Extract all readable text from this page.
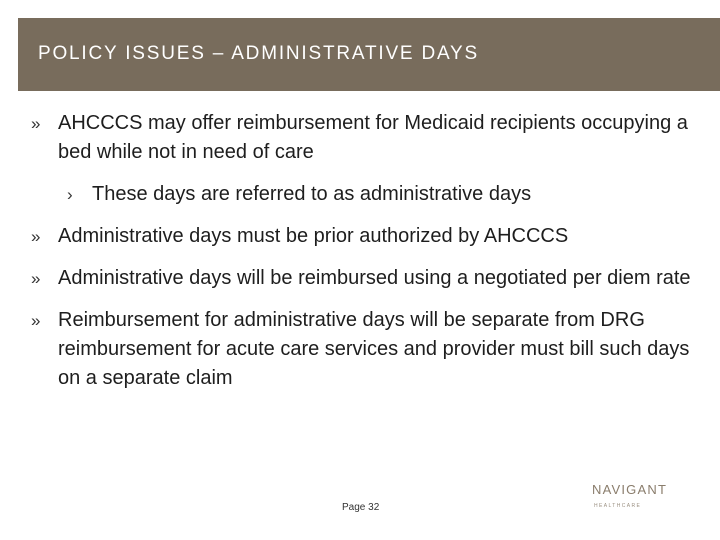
POLICY ISSUES – ADMINISTRATIVE DAYS
» AHCCCS may offer reimbursement for Medicaid recipients occupying a bed while not in need of care
› These days are referred to as administrative days
» Administrative days must be prior authorized by AHCCCS
» Administrative days will be reimbursed using a negotiated per diem rate
» Reimbursement for administrative days will be separate from DRG reimbursement for acute care services and provider must bill such days on a separate claim
Page 32
NAVIGANT
HEALTHCARE
